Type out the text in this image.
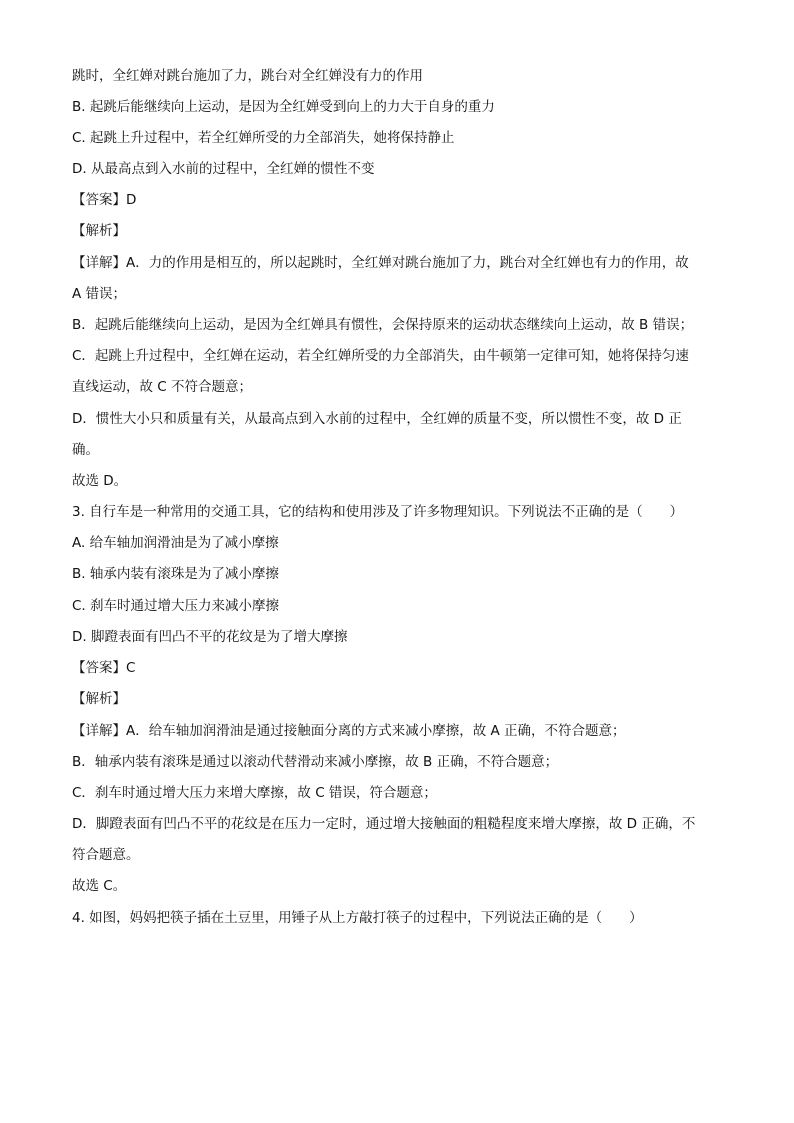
跳时，全红婵对跳台施加了力，跳台对全红婵没有力的作用
B. 起跳后能继续向上运动，是因为全红婵受到向上的力大于自身的重力
C. 起跳上升过程中，若全红婵所受的力全部消失，她将保持静止
D. 从最高点到入水前的过程中，全红婵的惯性不变
【答案】D
【解析】
【详解】A．力的作用是相互的，所以起跳时，全红婵对跳台施加了力，跳台对全红婵也有力的作用，故
A 错误；
B．起跳后能继续向上运动，是因为全红婵具有惯性，会保持原来的运动状态继续向上运动，故 B 错误；
C．起跳上升过程中，全红婵在运动，若全红婵所受的力全部消失，由牛顿第一定律可知，她将保持匀速
直线运动，故 C 不符合题意；
D．惯性大小只和质量有关，从最高点到入水前的过程中，全红婵的质量不变，所以惯性不变，故 D 正
确。
故选 D。
3. 自行车是一种常用的交通工具，它的结构和使用涉及了许多物理知识。下列说法不正确的是（　　）
A. 给车轴加润滑油是为了减小摩擦
B. 轴承内装有滚珠是为了减小摩擦
C. 刹车时通过增大压力来减小摩擦
D. 脚蹬表面有凹凸不平的花纹是为了增大摩擦
【答案】C
【解析】
【详解】A．给车轴加润滑油是通过接触面分离的方式来减小摩擦，故 A 正确，不符合题意；
B．轴承内装有滚珠是通过以滚动代替滑动来减小摩擦，故 B 正确，不符合题意；
C．刹车时通过增大压力来增大摩擦，故 C 错误，符合题意；
D．脚蹬表面有凹凸不平的花纹是在压力一定时，通过增大接触面的粗糙程度来增大摩擦，故 D 正确，不
符合题意。
故选 C。
4. 如图，妈妈把筷子插在土豆里，用锤子从上方敲打筷子的过程中，下列说法正确的是（　　）
